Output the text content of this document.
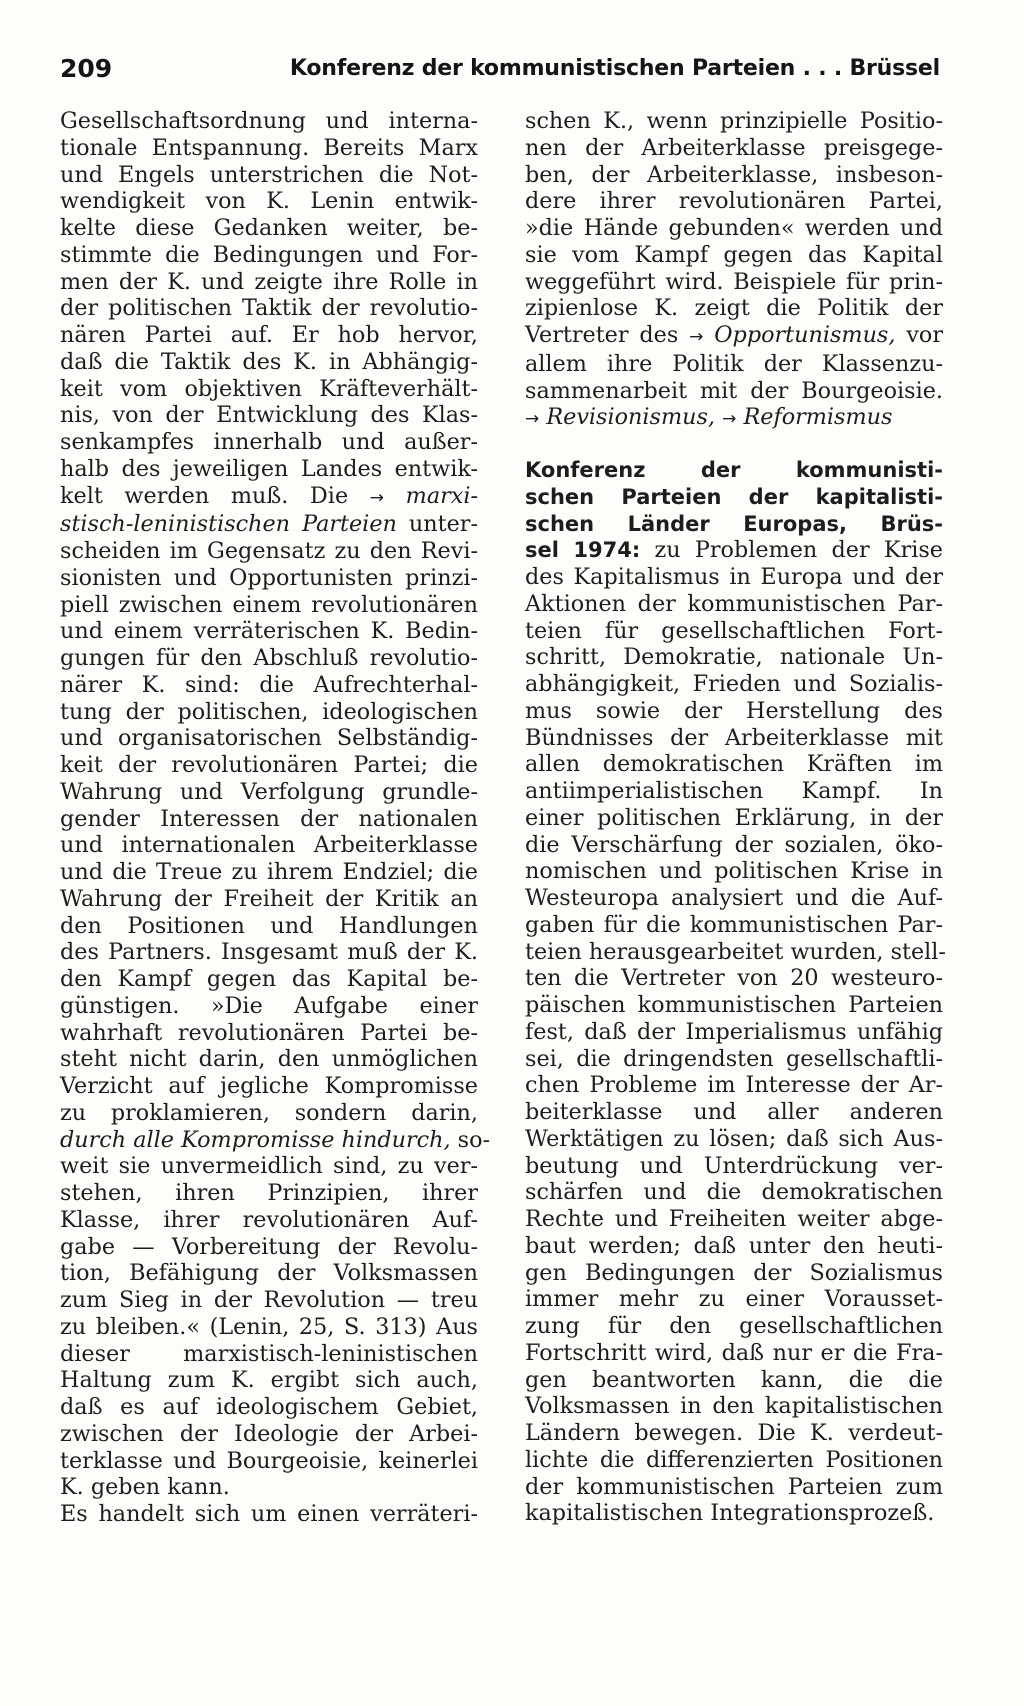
209	Konferenz der kommunistischen Parteien . . . Brüssel
Gesellschaftsordnung und interna-
tionale Entspannung. Bereits Marx
und Engels unterstrichen die Not-
wendigkeit von K. Lenin entwik-
kelte diese Gedanken weiter, be-
stimmte die Bedingungen und For-
men der K. und zeigte ihre Rolle in
der politischen Taktik der revolutio-
nären Partei auf. Er hob hervor,
daß die Taktik des K. in Abhängig-
keit vom objektiven Kräfteverhält-
nis, von der Entwicklung des Klas-
senkampfes innerhalb und außer-
halb des jeweiligen Landes entwik-
kelt werden muß. Die → marxi-
stisch-leninistischen Parteien unter-
scheiden im Gegensatz zu den Revi-
sionisten und Opportunisten prinzi-
piell zwischen einem revolutionären
und einem verräterischen K. Bedin-
gungen für den Abschluß revolutio-
närer K. sind: die Aufrechterhal-
tung der politischen, ideologischen
und organisatorischen Selbständig-
keit der revolutionären Partei; die
Wahrung und Verfolgung grundle-
gender Interessen der nationalen
und internationalen Arbeiterklasse
und die Treue zu ihrem Endziel; die
Wahrung der Freiheit der Kritik an
den Positionen und Handlungen
des Partners. Insgesamt muß der K.
den Kampf gegen das Kapital be-
günstigen. »Die Aufgabe einer
wahrhaft revolutionären Partei be-
steht nicht darin, den unmöglichen
Verzicht auf jegliche Kompromisse
zu proklamieren, sondern darin,
durch alle Kompromisse hindurch, so-
weit sie unvermeidlich sind, zu ver-
stehen, ihren Prinzipien, ihrer
Klasse, ihrer revolutionären Auf-
gabe — Vorbereitung der Revolu-
tion, Befähigung der Volksmassen
zum Sieg in der Revolution — treu
zu bleiben.« (Lenin, 25, S. 313) Aus
dieser marxistisch-leninistischen
Haltung zum K. ergibt sich auch,
daß es auf ideologischem Gebiet,
zwischen der Ideologie der Arbei-
terklasse und Bourgeoisie, keinerlei
K. geben kann.
Es handelt sich um einen verräteri-
schen K., wenn prinzipielle Positio-
nen der Arbeiterklasse preisgege-
ben, der Arbeiterklasse, insbeson-
dere ihrer revolutionären Partei,
»die Hände gebunden« werden und
sie vom Kampf gegen das Kapital
weggeführt wird. Beispiele für prin-
zipienlose K. zeigt die Politik der
Vertreter des → Opportunismus, vor
allem ihre Politik der Klassenzu-
sammenarbeit mit der Bourgeoisie.
→ Revisionismus, → Reformismus
Konferenz der kommunisti-
schen Parteien der kapitalisti-
schen Länder Europas, Brüs-
sel 1974: zu Problemen der Krise
des Kapitalismus in Europa und der
Aktionen der kommunistischen Par-
teien für gesellschaftlichen Fort-
schritt, Demokratie, nationale Un-
abhängigkeit, Frieden und Sozialis-
mus sowie der Herstellung des
Bündnisses der Arbeiterklasse mit
allen demokratischen Kräften im
antiimperialistischen Kampf. In
einer politischen Erklärung, in der
die Verschärfung der sozialen, öko-
nomischen und politischen Krise in
Westeuropa analysiert und die Auf-
gaben für die kommunistischen Par-
teien herausgearbeitet wurden, stell-
ten die Vertreter von 20 westeuro-
päischen kommunistischen Parteien
fest, daß der Imperialismus unfähig
sei, die dringendsten gesellschaftli-
chen Probleme im Interesse der Ar-
beiterklasse und aller anderen
Werktätigen zu lösen; daß sich Aus-
beutung und Unterdrückung ver-
schärfen und die demokratischen
Rechte und Freiheiten weiter abge-
baut werden; daß unter den heuti-
gen Bedingungen der Sozialismus
immer mehr zu einer Vorausset-
zung für den gesellschaftlichen
Fortschritt wird, daß nur er die Fra-
gen beantworten kann, die die
Volksmassen in den kapitalistischen
Ländern bewegen. Die K. verdeut-
lichte die differenzierten Positionen
der kommunistischen Parteien zum
kapitalistischen Integrationsprozeß.
